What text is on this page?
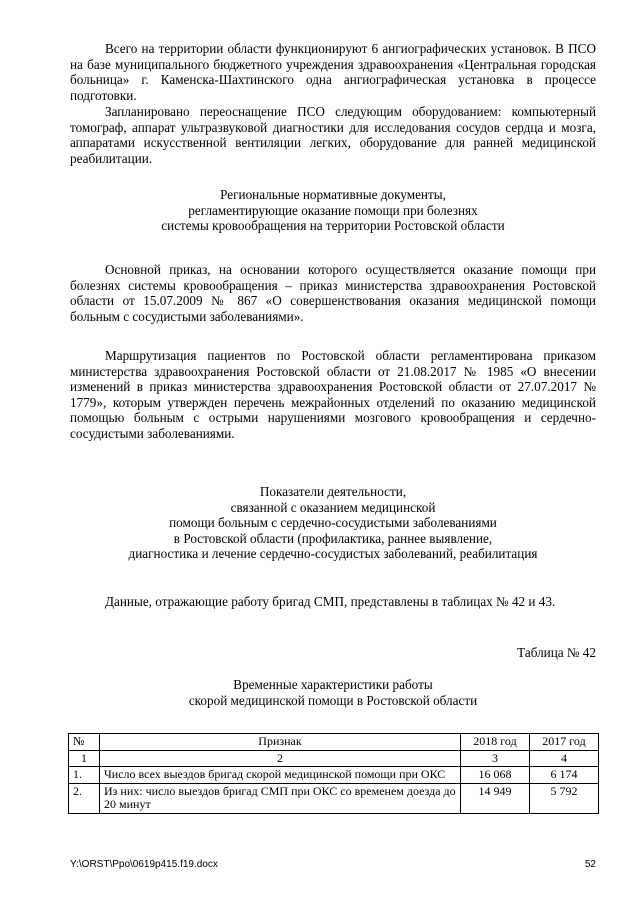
Всего на территории области функционируют 6 ангиографических установок. В ПСО на базе муниципального бюджетного учреждения здравоохранения «Центральная городская больница» г. Каменска-Шахтинского одна ангиографическая установка в процессе подготовки.

Запланировано переоснащение ПСО следующим оборудованием: компьютерный томограф, аппарат ультразвуковой диагностики для исследования сосудов сердца и мозга, аппаратами искусственной вентиляции легких, оборудование для ранней медицинской реабилитации.

Региональные нормативные документы,
регламентирующие оказание помощи при болезнях
системы кровообращения на территории Ростовской области

Основной приказ, на основании которого осуществляется оказание помощи при болезнях системы кровообращения – приказ министерства здравоохранения Ростовской области от 15.07.2009 № 867 «О совершенствования оказания медицинской помощи больным с сосудистыми заболеваниями».

Маршрутизация пациентов по Ростовской области регламентирована приказом министерства здравоохранения Ростовской области от 21.08.2017 № 1985 «О внесении изменений в приказ министерства здравоохранения Ростовской области от 27.07.2017 № 1779», которым утвержден перечень межрайонных отделений по оказанию медицинской помощью больным с острыми нарушениями мозгового кровообращения и сердечно-сосудистыми заболеваниями.

Показатели деятельности,
связанной с оказанием медицинской
помощи больным с сердечно-сосудистыми заболеваниями
в Ростовской области (профилактика, раннее выявление,
диагностика и лечение сердечно-сосудистых заболеваний, реабилитация

Данные, отражающие работу бригад СМП, представлены в таблицах № 42 и 43.

Таблица № 42
Временные характеристики работы
скорой медицинской помощи в Ростовской области
№	Признак	2018 год	2017 год
1	2	3	4
1.	Число всех выездов бригад скорой медицинской помощи при ОКС	16 068	6 174
2.	Из них: число выездов бригад СМП при ОКС со временем доезда до 20 минут	14 949	5 792
Y:\ORST\Ppo\0619p415.f19.docx	52
